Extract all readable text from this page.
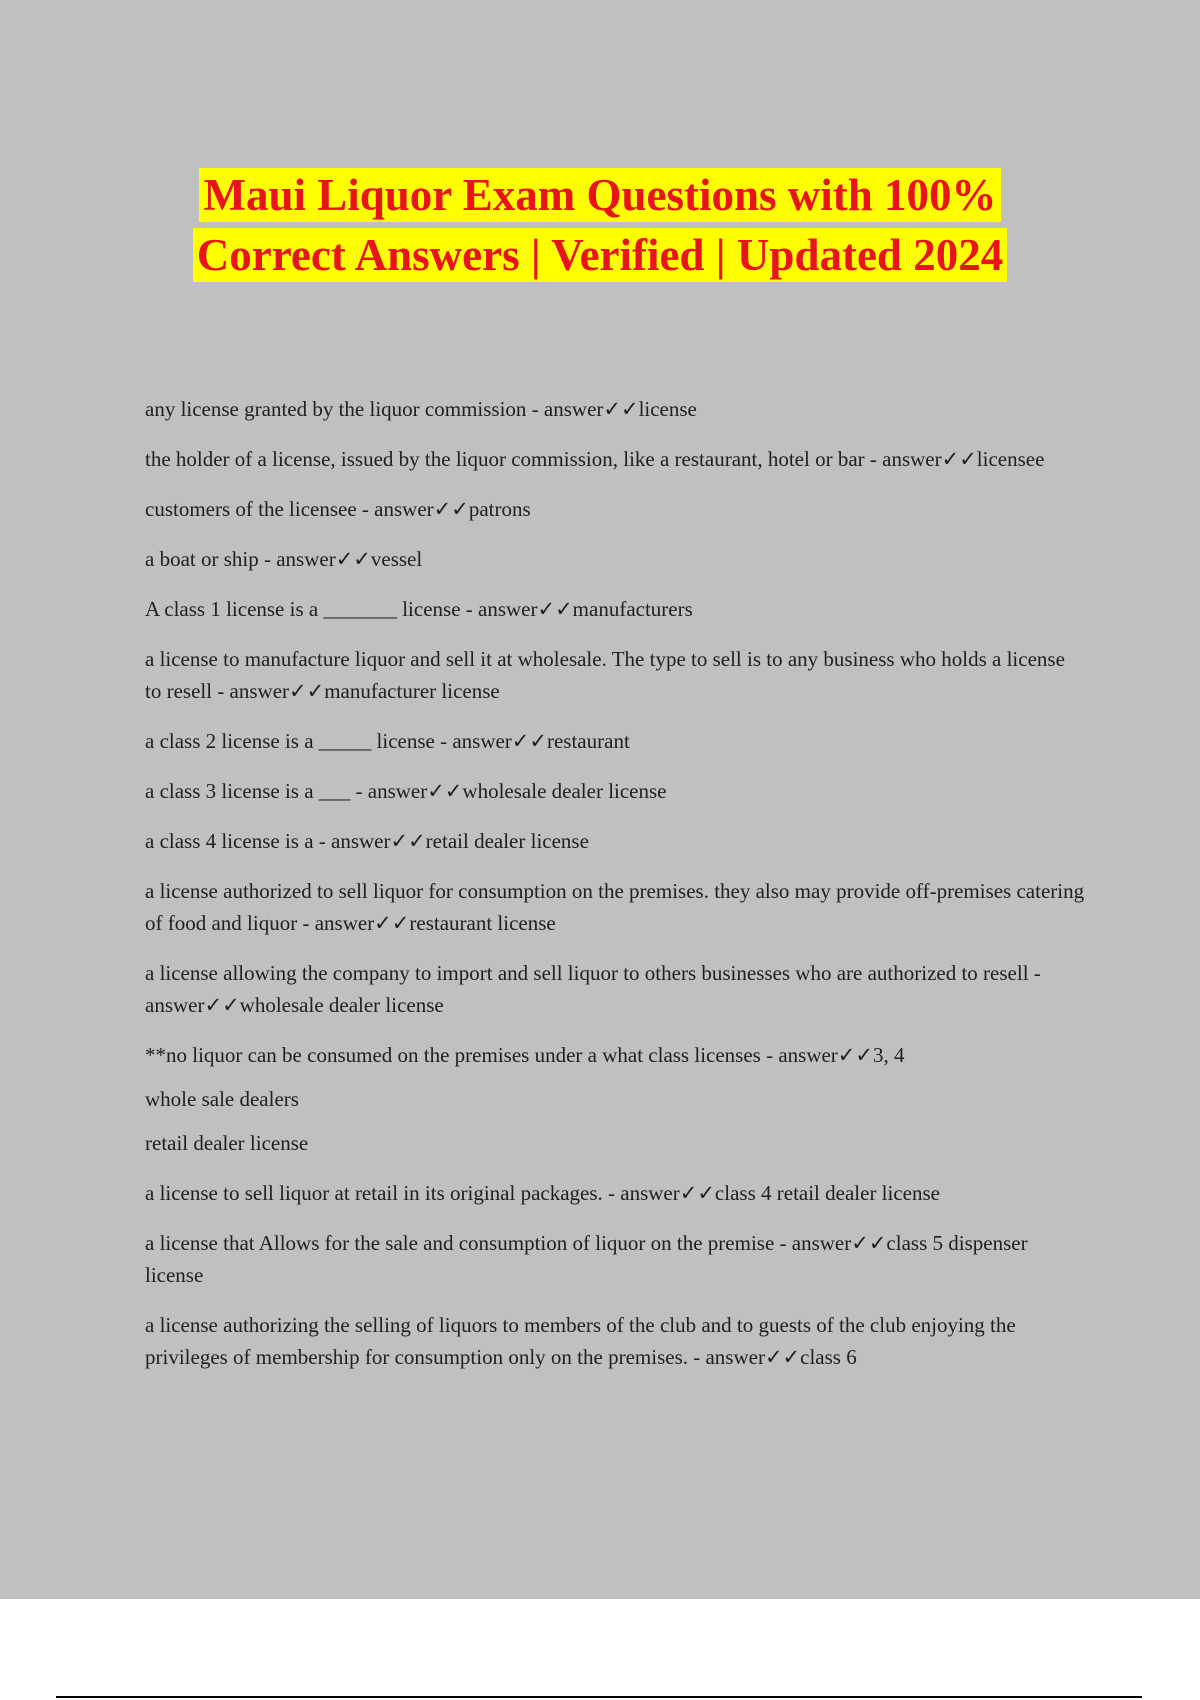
Maui Liquor Exam Questions with 100%
Correct Answers | Verified | Updated 2024

any license granted by the liquor commission - answer✓✓license

the holder of a license, issued by the liquor commission, like a restaurant, hotel or bar - answer✓✓licensee

customers of the licensee - answer✓✓patrons

a boat or ship - answer✓✓vessel

A class 1 license is a _______ license - answer✓✓manufacturers

a license to manufacture liquor and sell it at wholesale. The type to sell is to any business who holds a license to resell - answer✓✓manufacturer license

a class 2 license is a _____ license - answer✓✓restaurant

a class 3 license is a ___ - answer✓✓wholesale dealer license

a class 4 license is a - answer✓✓retail dealer license

a license authorized to sell liquor for consumption on the premises. they also may provide off-premises catering of food and liquor - answer✓✓restaurant license

a license allowing the company to import and sell liquor to others businesses who are authorized to resell - answer✓✓wholesale dealer license

**no liquor can be consumed on the premises under a what class licenses - answer✓✓3, 4

whole sale dealers

retail dealer license

a license to sell liquor at retail in its original packages. - answer✓✓class 4 retail dealer license

a license that Allows for the sale and consumption of liquor on the premise - answer✓✓class 5 dispenser license

a license authorizing the selling of liquors to members of the club and to guests of the club enjoying the privileges of membership for consumption only on the premises. - answer✓✓class 6
